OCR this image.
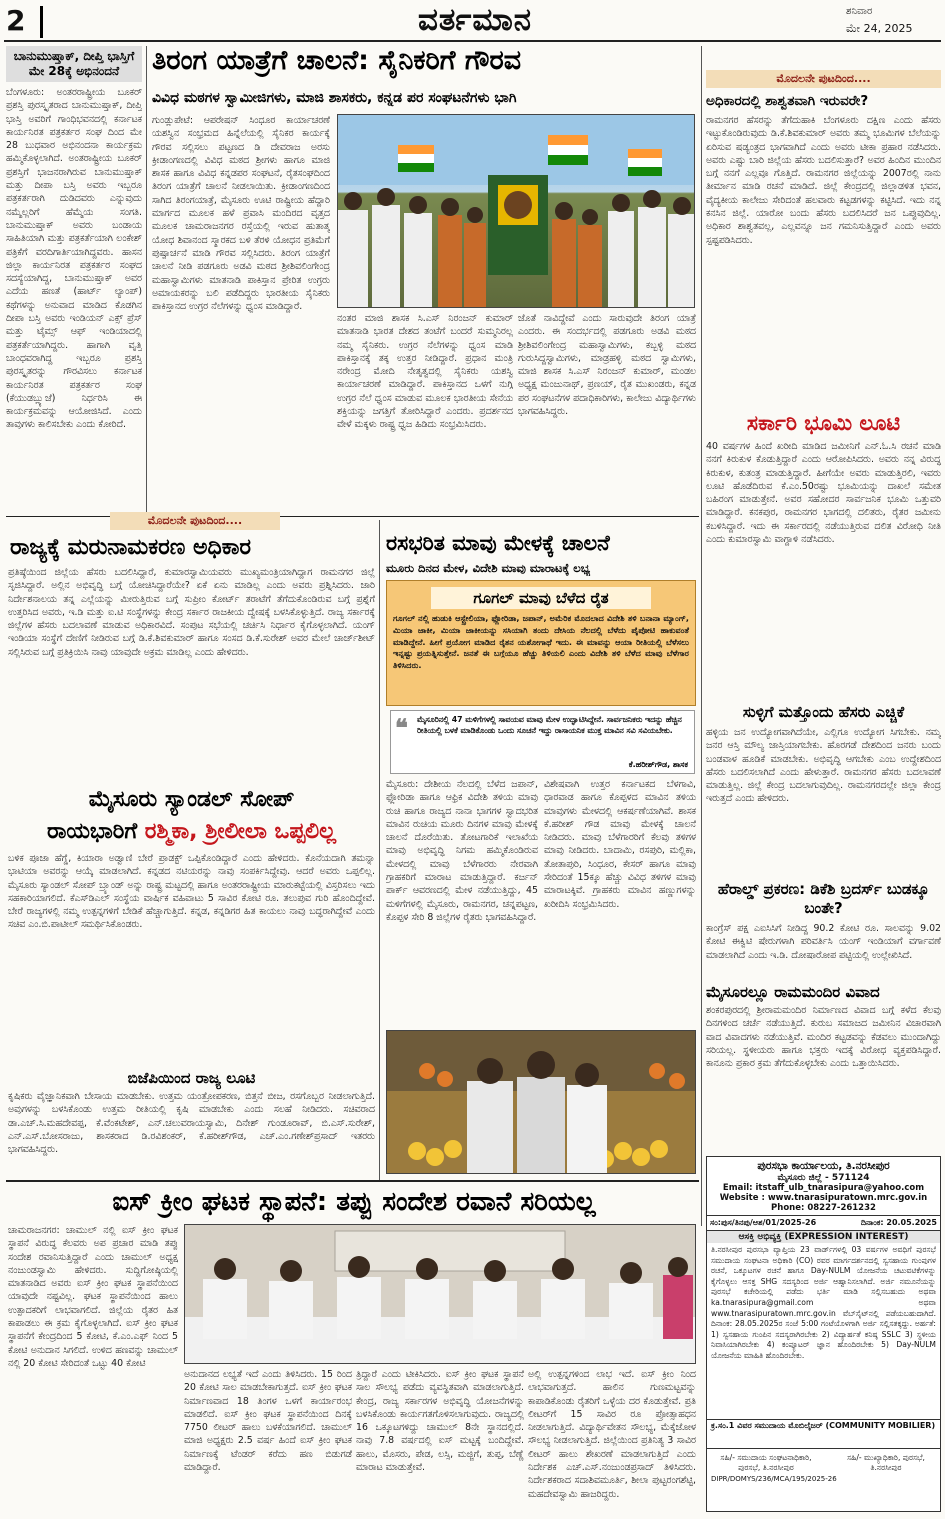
2	ವರ್ತಮಾನ	ಶನಿವಾರ
ಮೇ 24, 2025
ಬಾನುಮುಷ್ತಾಕ್, ದೀಪ್ತಿ ಭಾಸ್ತಿಗೆ ಮೇ 28ಕ್ಕೆ ಅಭಿನಂದನೆ

ಬೆಂಗಳೂರು: ಅಂತರರಾಷ್ಟ್ರೀಯ ಬೂಕರ್ ಪ್ರಶಸ್ತಿ ಪುರಸ್ಕೃತರಾದ ಬಾನುಮುಷ್ತಾಕ್, ದೀಪ್ತಿ ಭಾಸ್ತಿ ಅವರಿಗೆ ಗಾಂಧಿಭವನದಲ್ಲಿ ಕರ್ನಾಟಕ ಕಾರ್ಯನಿರತ ಪತ್ರಕರ್ತರ ಸಂಘ ದಿಂದ ಮೇ 28 ಬುಧವಾರ ಅಭಿನಂದನಾ ಕಾರ್ಯಕ್ರಮ ಹಮ್ಮಿಕೊಳ್ಳಲಾಗಿದೆ. ಅಂತರಾಷ್ಟ್ರೀಯ ಬೂಕರ್ ಪ್ರಶಸ್ತಿಗೆ ಭಾಜನರಾಗಿರುವ ಬಾನುಮುಷ್ತಾಕ್ ಮತ್ತು ದೀಪಾ ಬಸ್ತಿ ಅವರು ಇಬ್ಬರೂ ಪತ್ರಕರ್ತರಾಗಿ ದುಡಿದವರು ಎನ್ನುವುದು ನಮ್ಮೆಲ್ಲರಿಗೆ ಹೆಮ್ಮೆಯ ಸಂಗತಿ. ಬಾನುಮುಷ್ತಾಕ್ ಅವರು ಬಂಡಾಯ ಸಾಹಿತಿಯಾಗಿ ಮತ್ತು ಪತ್ರಕರ್ತೆಯಾಗಿ ಲಂಕೇಶ್ ಪತ್ರಿಕೆಗೆ ವರದಿಗಾರ್ತಿಯಾಗಿದ್ದವರು. ಹಾಸನ ಜಿಲ್ಲಾ ಕಾರ್ಯನಿರತ ಪತ್ರಕರ್ತರ ಸಂಘದ ಸದಸ್ಯೆಯಾಗಿದ್ದ, ಬಾನುಮುಷ್ತಾಕ್ ಅವರ ಎದೆಯ ಹಣತೆ (ಹಾರ್ಟ್ ಲ್ಯಾಂಪ್) ಕಥೆಗಳನ್ನು ಅನುವಾದ ಮಾಡಿದ ಕೊಡಗಿನ ದೀಪಾ ಬಸ್ತಿ ಅವರು ಇಂಡಿಯನ್ ಎಕ್ಸ್ ಪ್ರೆಸ್ ಮತ್ತು ಟೈಮ್ಸ್ ಆಫ್ ಇಂಡಿಯಾದಲ್ಲಿ ಪತ್ರಕರ್ತೆಯಾಗಿದ್ದರು. ಹಾಗಾಗಿ ವೃತ್ತಿ ಬಾಂಧವರಾಗಿದ್ದ ಇಬ್ಬರೂ ಪ್ರಶಸ್ತಿ ಪುರಸ್ಕೃತರನ್ನು ಗೌರವಿಸಲು ಕರ್ನಾಟಕ ಕಾರ್ಯನಿರತ ಪತ್ರಕರ್ತರ ಸಂಘ (ಕೆಯುಡಬ್ಲ್ಯುಜೆ) ನಿರ್ಧರಿಸಿ ಈ ಕಾರ್ಯಕ್ರಮವನ್ನು ಆಯೋಜಿಸಿದೆ. ಎಂದು ತಾವುಗಳು ಕಾಲಿಸಬೇಕು ಎಂದು ಕೋರಿದೆ.

ತಿರಂಗ ಯಾತ್ರೆಗೆ ಚಾಲನೆ: ಸೈನಿಕರಿಗೆ ಗೌರವ
ವಿವಿಧ ಮಠಗಳ ಸ್ವಾಮೀಜಿಗಳು, ಮಾಜಿ ಶಾಸಕರು, ಕನ್ನಡ ಪರ ಸಂಘಟನೆಗಳು ಭಾಗಿ

ಗುಂಡ್ಲುಪೇಟೆ: ಆಪರೇಷನ್ ಸಿಂಧೂರ ಕಾರ್ಯಾಚರಣೆ ಯಶಸ್ವಿನ ಸಂಭ್ರಮದ ಹಿನ್ನೆಲೆಯಲ್ಲಿ ಸೈನಿಕರ ಕಾರ್ಯಕ್ಕೆ ಗೌರವ ಸಲ್ಲಿಸಲು ಪಟ್ಟಣದ ಡಿ ದೇವರಾಜ ಅರಸು ಕ್ರೀಡಾಂಗಣದಲ್ಲಿ ವಿವಿಧ ಮಠದ ಶ್ರೀಗಳು ಹಾಗೂ ಮಾಜಿ ಶಾಸಕ ಹಾಗೂ ವಿವಿಧ ಕನ್ನಡಪರ ಸಂಘಟನೆ, ರೈತಸಂಘದಿಂದ ತಿರಂಗ ಯಾತ್ರೆಗೆ ಚಾಲನೆ ನೀಡಲಾಯಿತು. ಕ್ರೀಡಾಂಗಣದಿಂದ ಸಾಗಿದ ತಿರಂಗಯಾತ್ರೆ, ಮೈಸೂರು ಊಟಿ ರಾಷ್ಟ್ರೀಯ ಹೆದ್ದಾರಿ ಮಾರ್ಗದ ಮೂಲಕ ಹಳೆ ಪ್ರವಾಸಿ ಮಂದಿರದ ವೃತ್ತದ ಮೂಲಕ ಚಾಮರಾಜನಗರ ರಸ್ತೆಯಲ್ಲಿ ಇರುವ ಹುತಾತ್ಮ ಯೋಧ ಶಿವಾನಂದ ಸ್ಮಾರಕದ ಬಳಿ ತೆರಳಿ ಯೋಧನ ಪ್ರತಿಮೆಗೆ ಪುಷ್ಪಾರ್ಚನೆ ಮಾಡಿ ಗೌರವ ಸಲ್ಲಿಸಿದರು. ತಿರಂಗ ಯಾತ್ರೆಗೆ ಚಾಲನೆ ನೀಡಿ ಪಡಗೂರು ಅಡವಿ ಮಠದ ಶ್ರೀಶಿವಲಿಂಗೇಂದ್ರ ಮಹಾಸ್ವಾಮಿಗಳು ಮಾತನಾಡಿ ಪಾಕಿಸ್ತಾನ ಪ್ರೇರಿತ ಉಗ್ರರು ಅಮಾಯಕರನ್ನು ಬಲಿ ಪಡೆದಿದ್ದರು ಭಾರತೀಯ ಸೈನಿಕರು ಪಾಕಿಸ್ತಾನದ ಉಗ್ರರ ನೆಲೆಗಳನ್ನು ಧ್ವಂಸ ಮಾಡಿದ್ದಾರೆ.

ನಂತರ ಮಾಜಿ ಶಾಸಕ ಸಿ.ಎಸ್ ನಿರಂಜನ್ ಕುಮಾರ್ ಮಾತನಾಡಿ ಭಾರತ ದೇಶದ ತಂಟೆಗೆ ಬಂದರೆ ಸುಮ್ಮನಿರಲ್ಲ ನಮ್ಮ ಸೈನಿಕರು. ಉಗ್ರರ ನೆಲೆಗಳನ್ನು ಧ್ವಂಸ ಮಾಡಿ ಪಾಕಿಸ್ತಾನಕ್ಕೆ ತಕ್ಕ ಉತ್ತರ ನೀಡಿದ್ದಾರೆ. ಪ್ರಧಾನ ಮಂತ್ರಿ ನರೇಂದ್ರ ಮೋದಿ ನೇತೃತ್ವದಲ್ಲಿ ಸೈನಿಕರು ಯಶಸ್ವಿ ಕಾರ್ಯಾಚರಣೆ ಮಾಡಿದ್ದಾರೆ. ಪಾಕಿಸ್ತಾನದ ಒಳಗೆ ನುಗ್ಗಿ ಉಗ್ರರ ನೆಲೆ ಧ್ವಂಸ ಮಾಡುವ ಮೂಲಕ ಭಾರತೀಯ ಸೇನೆಯ ಶಕ್ತಿಯನ್ನು ಜಗತ್ತಿಗೆ ತೋರಿಸಿದ್ದಾರೆ ಎಂದರು. ಪ್ರದರ್ಶನದ ವೇಳೆ ಮಕ್ಕಳು ರಾಷ್ಟ್ರ ಧ್ವಜ ಹಿಡಿದು ಸಂಭ್ರಮಿಸಿದರು.

ಜೊತೆ ನಾವಿದ್ದೇವೆ ಎಂದು ಸಾರುವುದೇ ತಿರಂಗ ಯಾತ್ರೆ ಎಂದರು. ಈ ಸಂದರ್ಭದಲ್ಲಿ ಪಡಗೂರು ಅಡವಿ ಮಠದ ಶ್ರೀಶಿವಲಿಂಗೇಂದ್ರ ಮಹಾಸ್ವಾಮಿಗಳು, ಕಬ್ಬಳ್ಳಿ ಮಠದ ಗುರುಸಿದ್ದಸ್ವಾಮಿಗಳು, ಮಾಡ್ರಹಳ್ಳಿ ಮಠದ ಸ್ವಾಮಿಗಳು, ಮಾಜಿ ಶಾಸಕ ಸಿ.ಎಸ್ ನಿರಂಜನ್ ಕುಮಾರ್, ಮಂಡಲ ಅಧ್ಯಕ್ಷ ಮಂಜುನಾಥ್, ಪ್ರಣಯ್, ರೈತ ಮುಖಂಡರು, ಕನ್ನಡ ಪರ ಸಂಘಟನೆಗಳ ಪದಾಧಿಕಾರಿಗಳು, ಕಾಲೇಜು ವಿದ್ಯಾರ್ಥಿಗಳು ಭಾಗವಹಿಸಿದ್ದರು.

ಮೊದಲನೇ ಪುಟದಿಂದ....
ಅಧಿಕಾರದಲ್ಲಿ ಶಾಶ್ವತವಾಗಿ ಇರುವರೇ?

ರಾಮನಗರ ಹೆಸರನ್ನು ತೆಗೆದುಹಾಕಿ ಬೆಂಗಳೂರು ದಕ್ಷಿಣ ಎಂದು ಹೆಸರು ಇಟ್ಟುಕೊಂಡಿರುವುದು ಡಿ.ಕೆ.ಶಿವಕುಮಾರ್ ಅವರು ತಮ್ಮ ಭೂಮಿಗಳ ಬೆಲೆಯನ್ನು ಏರಿಸುವ ಷಡ್ಯಂತ್ರದ ಭಾಗವಾಗಿದೆ ಎಂದು ಅವರು ಟೀಕಾ ಪ್ರಹಾರ ನಡೆಸಿದರು. ಅವರು ಎಷ್ಟು ಬಾರಿ ಜಿಲ್ಲೆಯ ಹೆಸರು ಬದಲಿಸುತ್ತಾರೆ? ಅವರ ಹಿಂದಿನ ಮುಂದಿನ ಬಗ್ಗೆ ನನಗೆ ಎಲ್ಲವೂ ಗೊತ್ತಿದೆ. ರಾಮನಗರ ಜಿಲ್ಲೆಯನ್ನು 2007ರಲ್ಲಿ ನಾನು ತೀರ್ಮಾನ ಮಾಡಿ ರಚನೆ ಮಾಡಿದೆ. ಜಿಲ್ಲೆ ಕೇಂದ್ರದಲ್ಲಿ ಜಿಲ್ಲಾಡಳಿತ ಭವನ, ವೈದ್ಯಕೀಯ ಕಾಲೇಜು ಸೇರಿದಂತೆ ಹಲವಾರು ಕಟ್ಟಡಗಳನ್ನು ಕಟ್ಟಿಸಿದೆ. ಇದು ನನ್ನ ಕನಸಿನ ಜಿಲ್ಲೆ. ಯಾರೋ ಬಂದು ಹೆಸರು ಬದಲಿಸಿದರೆ ಜನ ಒಪ್ಪುವುದಿಲ್ಲ. ಅಧಿಕಾರ ಶಾಶ್ವತವಲ್ಲ, ಎಲ್ಲವನ್ನೂ ಜನ ಗಮನಿಸುತ್ತಿದ್ದಾರೆ ಎಂದು ಅವರು ಸ್ಪಷ್ಟಪಡಿಸಿದರು.

ಸರ್ಕಾರಿ ಭೂಮಿ ಲೂಟಿ

40 ವರ್ಷಗಳ ಹಿಂದೆ ಖರೀದಿ ಮಾಡಿದ ಜಮೀನಿಗೆ ಎನ್.ಓ.ಸಿ ರಚನೆ ಮಾಡಿ ನನಗೆ ಕಿರುಕುಳ ಕೊಡುತ್ತಿದ್ದಾರೆ ಎಂದು ಆರೋಪಿಸಿದರು. ಅವರು ನನ್ನ ವಿರುದ್ಧ ಕಿರುಕುಳ, ಕುತಂತ್ರ ಮಾಡುತ್ತಿದ್ದಾರೆ. ಹೀಗೆಯೇ ಅವರು ಮಾಡುತ್ತಿರಲಿ, ಇವರು ಲೂಟಿ ಹೊಡೆದಿರುವ ಕೆ.ಎಂ.50ರಷ್ಟು ಭೂಮಿಯನ್ನು ದಾಖಲೆ ಸಮೇತ ಬಹಿರಂಗ ಮಾಡುತ್ತೇನೆ. ಅವರ ಸಹೋದರ ಸಾರ್ವಜನಿಕ ಭೂಮಿ ಒತ್ತುವರಿ ಮಾಡಿದ್ದಾರೆ. ಕನಕಪುರ, ರಾಮನಗರ ಭಾಗದಲ್ಲಿ ದಲಿತರು, ರೈತರ ಜಮೀನು ಕಬಳಿಸಿದ್ದಾರೆ. ಇದು ಈ ಸರ್ಕಾರದಲ್ಲಿ ನಡೆಯುತ್ತಿರುವ ದಲಿತ ವಿರೋಧಿ ನೀತಿ ಎಂದು ಕುಮಾರಸ್ವಾಮಿ ವಾಗ್ದಾಳಿ ನಡೆಸಿದರು.

ಸುಳ್ಳಿಗೆ ಮತ್ತೊಂದು ಹೆಸರು ಎಚ್ಚಿಕೆ

ಹಳ್ಳಿಯ ಜನ ಉದ್ಯೋಗವಾಗಿದೆಯೇ, ಎಲ್ಲಿಗೂ ಉದ್ಯೋಗ ಸಿಗಬೇಕು. ನಮ್ಮ ಜನರ ಆಸ್ತಿ ಮೌಲ್ಯ ಜಾಸ್ತಿಯಾಗಬೇಕು. ಹೊರಗಡೆ ದೇಶದಿಂದ ಜನರು ಬಂದು ಬಂಡವಾಳ ಹೂಡಿಕೆ ಮಾಡಬೇಕು. ಅಭಿವೃದ್ಧಿ ಆಗಬೇಕು ಎಂಬ ಉದ್ದೇಶದಿಂದ ಹೆಸರು ಬದಲಿಸಲಾಗಿದೆ ಎಂದು ಹೇಳುತ್ತಾರೆ. ರಾಮನಗರ ಹೆಸರು ಬದಲಾವಣೆ ಮಾಡುತ್ತಿಲ್ಲ. ಜಿಲ್ಲೆ ಕೇಂದ್ರ ಬದಲಾಗುವುದಿಲ್ಲ. ರಾಮನಗರದಲ್ಲೇ ಜಿಲ್ಲಾ ಕೇಂದ್ರ ಇರುತ್ತದೆ ಎಂದು ಹೇಳಿದರು.

ಹೆರಾಲ್ಡ್ ಪ್ರಕರಣ: ಡಿಕೆಶಿ ಬ್ರದರ್ಸ್ ಬುಡಕ್ಕೂ ಬಂತೇ?

ಕಾಂಗ್ರೆಸ್ ಪಕ್ಷ ಎಐಸಿಸಿಗೆ ನೀಡಿದ್ದ 90.2 ಕೋಟಿ ರೂ. ಸಾಲವನ್ನು 9.02 ಕೋಟಿ ಈಕ್ವಿಟಿ ಷೇರುಗಳಾಗಿ ಪರಿವರ್ತಿಸಿ ಯಂಗ್ ಇಂಡಿಯಾಗೆ ವರ್ಗಾವಣೆ ಮಾಡಲಾಗಿದೆ ಎಂದು ಇ.ಡಿ. ದೋಷಾರೋಪ ಪಟ್ಟಿಯಲ್ಲಿ ಉಲ್ಲೇಖಿಸಿದೆ.

ಮೈಸೂರಲ್ಲೂ ರಾಮಮಂದಿರ ವಿವಾದ

ಶಂಕರಪುರದಲ್ಲಿ ಶ್ರೀರಾಮಮಂದಿರ ನಿರ್ಮಾಣದ ವಿವಾದ ಬಗ್ಗೆ ಕಳೆದ ಕೆಲವು ದಿನಗಳಿಂದ ಚರ್ಚೆ ನಡೆಯುತ್ತಿದೆ. ಕುರುಬ ಸಮಾಜದ ಜಮೀನಿನ ವಿಚಾರವಾಗಿ ವಾದ ವಿವಾದಗಳು ನಡೆಯುತ್ತಿವೆ. ಮಂದಿರ ಕಟ್ಟಡವನ್ನು ಕೆಡವಲು ಮುಂದಾಗಿದ್ದು ಸರಿಯಲ್ಲ. ಸ್ಥಳೀಯರು ಹಾಗೂ ಭಕ್ತರು ಇದಕ್ಕೆ ವಿರೋಧ ವ್ಯಕ್ತಪಡಿಸಿದ್ದಾರೆ. ಕಾನೂನು ಪ್ರಕಾರ ಕ್ರಮ ತೆಗೆದುಕೊಳ್ಳಬೇಕು ಎಂದು ಒತ್ತಾಯಿಸಿದರು.

ಪುರಸಭಾ ಕಾರ್ಯಾಲಯ, ತಿ.ನರಸೀಪುರ
ಮೈಸೂರು ಜಿಲ್ಲೆ - 571124
Email: itstaff_ulb_tnarasipura@yahoo.com
Website : www.tnarasipuratown.mrc.gov.in
Phone: 08227-261232
ಸಂ:ಪುಸ/ತಿನಪು/ಆಶ/01/2025-26	ದಿನಾಂಕ: 20.05.2025
ಆಸಕ್ತಿ ಅಭಿವ್ಯಕ್ತಿ (EXPRESSION INTEREST)
ತಿ.ನರಸೀಪುರ ಪುರಸಭಾ ವ್ಯಾಪ್ತಿಯ 23 ವಾರ್ಡ್‌ಗಳಲ್ಲಿ 03 ವರ್ಷಗಳ ಅವಧಿಗೆ ಪುರಸಭೆ ಸಮುದಾಯ ಸಂಘಟನಾ ಅಧಿಕಾರಿ (CO) ರವರ ಮಾರ್ಗದರ್ಶನದಲ್ಲಿ ಸ್ವಸಹಾಯ ಗುಂಪುಗಳ ರಚನೆ, ಒಕ್ಕೂಟಗಳ ರಚನೆ ಹಾಗೂ Day-NULM ಯೋಜನೆಯ ಚಟುವಟಿಕೆಗಳನ್ನು ಕೈಗೊಳ್ಳಲು ಆಸಕ್ತ SHG ಸದಸ್ಯರಿಂದ ಅರ್ಜಿ ಆಹ್ವಾನಿಸಲಾಗಿದೆ. ಅರ್ಜಿ ನಮೂನೆಯನ್ನು ಪುರಸಭೆ ಕಚೇರಿಯಲ್ಲಿ ಪಡೆದು ಭರ್ತಿ ಮಾಡಿ ಸಲ್ಲಿಸಬಹುದು ಅಥವಾ ka.tnarasipura@gmail.com ಅಥವಾ www.tnarasipuratown.mrc.gov.in ವೆಬ್‌ಸೈಟ್‌ನಲ್ಲಿ ಪಡೆಯಬಹುದಾಗಿದೆ. ದಿನಾಂಕ: 28.05.2025ರ ಸಂಜೆ 5:00 ಗಂಟೆಯೊಳಗಾಗಿ ಅರ್ಜಿ ಸಲ್ಲಿಸತಕ್ಕದ್ದು. ಅರ್ಹತೆ: 1) ಸ್ವಸಹಾಯ ಗುಂಪಿನ ಸದಸ್ಯರಾಗಿರಬೇಕು 2) ವಿದ್ಯಾರ್ಹತೆ ಕನಿಷ್ಠ SSLC 3) ಸ್ಥಳೀಯ ನಿವಾಸಿಯಾಗಿರಬೇಕು 4) ಕಂಪ್ಯೂಟರ್ ಜ್ಞಾನ ಹೊಂದಿರಬೇಕು 5) Day-NULM ಯೋಜನೆಯ ಮಾಹಿತಿ ಹೊಂದಿರಬೇಕು.
ಕ್ರ.ಸಂ.1 ವಿವರ ಸಮುದಾಯ ಮೊಬಿಲೈಜರ್ (COMMUNITY MOBILIER)
ಸಹಿ/- ಸಮುದಾಯ ಸಂಘಟನಾಧಿಕಾರಿ, ಪುರಸಭೆ, ತಿ.ನರಸೀಪುರ
ಸಹಿ/- ಮುಖ್ಯಾಧಿಕಾರಿ, ಪುರಸಭೆ, ತಿ.ನರಸೀಪುರ
DIPR/DOMYS/236/MCA/195/2025-26
ಮೊದಲನೇ ಪುಟದಿಂದ....
ರಾಜ್ಯಕ್ಕೆ ಮರುನಾಮಕರಣ ಅಧಿಕಾರ

ಪ್ರತಿಷ್ಠೆಯಿಂದ ಜಿಲ್ಲೆಯ ಹೆಸರು ಬದಲಿಸಿದ್ದಾರೆ, ಕುಮಾರಸ್ವಾಮಿಯವರು ಮುಖ್ಯಮಂತ್ರಿಯಾಗಿದ್ದಾಗ ರಾಮನಗರ ಜಿಲ್ಲೆ ಸೃಜಿಸಿದ್ದಾರೆ. ಅಲ್ಲಿನ ಅಭಿವೃದ್ಧಿ ಬಗ್ಗೆ ಯೋಚಿಸಿದ್ದಾರೆಯೇ? ಏಕೆ ಏನು ಮಾಡಿಲ್ಲ ಎಂದು ಅವರು ಪ್ರಶ್ನಿಸಿದರು. ಜಾರಿ ನಿರ್ದೇಶನಾಲಯ ತನ್ನ ಎಲ್ಲೆಯನ್ನು ಮೀರುತ್ತಿರುವ ಬಗ್ಗೆ ಸುಪ್ರೀಂ ಕೋರ್ಟ್ ತರಾಟೆಗೆ ತೆಗೆದುಕೊಂಡಿರುವ ಬಗ್ಗೆ ಪ್ರಶ್ನೆಗೆ ಉತ್ತರಿಸಿದ ಅವರು, ಇ.ಡಿ ಮತ್ತು ಐ.ಟಿ ಸಂಸ್ಥೆಗಳನ್ನು ಕೇಂದ್ರ ಸರ್ಕಾರ ರಾಜಕೀಯ ದ್ವೇಷಕ್ಕೆ ಬಳಸಿಕೊಳ್ಳುತ್ತಿದೆ. ರಾಜ್ಯ ಸರ್ಕಾರಕ್ಕೆ ಜಿಲ್ಲೆಗಳ ಹೆಸರು ಬದಲಾವಣೆ ಮಾಡುವ ಅಧಿಕಾರವಿದೆ. ಸಂಪುಟ ಸಭೆಯಲ್ಲಿ ಚರ್ಚಿಸಿ ನಿರ್ಧಾರ ಕೈಗೊಳ್ಳಲಾಗಿದೆ. ಯಂಗ್ ಇಂಡಿಯಾ ಸಂಸ್ಥೆಗೆ ದೇಣಿಗೆ ನೀಡಿರುವ ಬಗ್ಗೆ ಡಿ.ಕೆ.ಶಿವಕುಮಾರ್ ಹಾಗೂ ಸಂಸದ ಡಿ.ಕೆ.ಸುರೇಶ್ ಅವರ ಮೇಲೆ ಚಾರ್ಜ್‌ಶೀಟ್ ಸಲ್ಲಿಸಿರುವ ಬಗ್ಗೆ ಪ್ರತಿಕ್ರಿಯಿಸಿ ನಾವು ಯಾವುದೇ ಅಕ್ರಮ ಮಾಡಿಲ್ಲ ಎಂದು ಹೇಳಿದರು.

ಮೈಸೂರು ಸ್ಯಾಂಡಲ್ ಸೋಪ್
ರಾಯಭಾರಿಗೆ ರಶ್ಮಿಕಾ, ಶ್ರೀಲೀಲಾ ಒಪ್ಪಲಿಲ್ಲ

ಬಳಿಕ ಪೂಜಾ ಹೆಗ್ಡೆ, ಕಿಯಾರಾ ಅಡ್ವಾಣಿ ಬೇರೆ ಪ್ರಾಡಕ್ಟ್ ಒಪ್ಪಿಕೊಂಡಿದ್ದಾರೆ ಎಂದು ಹೇಳಿದರು. ಕೊನೆಯದಾಗಿ ತಮನ್ನಾ ಭಾಟಿಯಾ ಅವರನ್ನು ಆಯ್ಕೆ ಮಾಡಲಾಗಿದೆ. ಕನ್ನಡದ ನಟಿಯರನ್ನು ನಾವು ಸಂಪರ್ಕಿಸಿದ್ದೇವು. ಆದರೆ ಅವರು ಒಪ್ಪಲಿಲ್ಲ. ಮೈಸೂರು ಸ್ಯಾಂಡಲ್ ಸೋಪ್ ಬ್ರ್ಯಾಂಡ್ ಅನ್ನು ರಾಷ್ಟ್ರ ಮಟ್ಟದಲ್ಲಿ ಹಾಗೂ ಅಂತರರಾಷ್ಟ್ರೀಯ ಮಾರುಕಟ್ಟೆಯಲ್ಲಿ ವಿಸ್ತರಿಸಲು ಇದು ಸಹಕಾರಿಯಾಗಲಿದೆ. ಕೆಎಸ್‌ಡಿಎಲ್ ಸಂಸ್ಥೆಯ ವಾರ್ಷಿಕ ವಹಿವಾಟು 5 ಸಾವಿರ ಕೋಟಿ ರೂ. ತಲುಪುವ ಗುರಿ ಹೊಂದಿದ್ದೇವೆ. ಬೇರೆ ರಾಜ್ಯಗಳಲ್ಲಿ ನಮ್ಮ ಉತ್ಪನ್ನಗಳಿಗೆ ಬೇಡಿಕೆ ಹೆಚ್ಚಾಗುತ್ತಿದೆ. ಕನ್ನಡ, ಕನ್ನಡಿಗರ ಹಿತ ಕಾಯಲು ನಾವು ಬದ್ಧರಾಗಿದ್ದೇವೆ ಎಂದು ಸಚಿವ ಎಂ.ಬಿ.ಪಾಟೀಲ್ ಸಮರ್ಥಿಸಿಕೊಂಡರು.

ಬಿಜೆಪಿಯಿಂದ ರಾಜ್ಯ ಲೂಟಿ

ಕೃಷಿಕರು ವೈಜ್ಞಾನಿಕವಾಗಿ ಬೇಸಾಯ ಮಾಡಬೇಕು. ಉತ್ತಮ ಯಂತ್ರೋಪಕರಣ, ಬಿತ್ತನೆ ಬೀಜ, ರಸಗೊಬ್ಬರ ನೀಡಲಾಗುತ್ತಿದೆ. ಅವುಗಳನ್ನು ಬಳಸಿಕೊಂಡು ಉತ್ತಮ ರೀತಿಯಲ್ಲಿ ಕೃಷಿ ಮಾಡಬೇಕು ಎಂದು ಸಲಹೆ ನೀಡಿದರು. ಸಚಿವರಾದ ಡಾ.ಎಚ್.ಸಿ.ಮಹದೇವಪ್ಪ, ಕೆ.ವೆಂಕಟೇಶ್, ಎನ್.ಚಲುವರಾಯಸ್ವಾಮಿ, ದಿನೇಶ್ ಗುಂಡೂರಾವ್, ಬಿ.ಎಸ್.ಸುರೇಶ್, ಎನ್.ಎಸ್.ಬೋಸರಾಜು, ಶಾಸಕರಾದ ಡಿ.ರವಿಶಂಕರ್, ಕೆ.ಹರೀಶ್‌ಗೌಡ, ಎಚ್.ಎಂ.ಗಣೇಶ್‌ಪ್ರಸಾದ್ ಇತರರು ಭಾಗವಹಿಸಿದ್ದರು.

ರಸಭರಿತ ಮಾವು ಮೇಳಕ್ಕೆ ಚಾಲನೆ
ಮೂರು ದಿನದ ಮೇಳ, ವಿದೇಶಿ ಮಾವು ಮಾರಾಟಕ್ಕೆ ಲಭ್ಯ
ಗೂಗಲ್ ಮಾವು ಬೆಳೆದ ರೈತ
ಗೂಗಲ್ ನಲ್ಲಿ ಹುಡುಕಿ ಆಸ್ಟ್ರೇಲಿಯಾ, ಫ್ಲೋರಿಡಾ, ಜಪಾನ್, ಅಮೆರಿಕ ಮೊದಲಾದ ವಿದೇಶಿ ತಳಿ ಬನಾನಾ ಮ್ಯಾಂಗ್, ಮಿಯಾ ಜಾಕೀ, ಮಿಯಾ ಜಾಕೀಯನ್ನು ಸಸಿಯಾಗಿ ತಂದು ದೇಸಿಯ ನೆಲದಲ್ಲಿ ಬೆಳೆದು ಪೈಪೋಟಿ ಹಾಕುವಂತೆ ಮಾಡಿದ್ದೇನೆ. ಹೀಗೆ ಪ್ರಯೋಗ ಮಾಡಿದ ರೈತನ ಯಶೋಗಾಥೆ ಇದು. ಈ ಮಾವನ್ನು ಆಯಾ ರೀತಿಯಲ್ಲಿ ಬೆಳೆಸಲು ಇನ್ನಷ್ಟು ಪ್ರಯತ್ನಿಸುತ್ತೇನೆ. ಜನತೆ ಈ ಬಗ್ಗೆಯೂ ಹೆಚ್ಚು ತಿಳಿಯಲಿ ಎಂದು ವಿದೇಶಿ ತಳಿ ಬೆಳೆದ ಮಾವು ಬೆಳೆಗಾರ ತಿಳಿಸಿದರು.
❝ ಮೈಸೂರಿನಲ್ಲಿ 47 ಮಳಿಗೆಗಳಲ್ಲಿ ಸಾವಯವ ಮಾವು ಮೇಳ ಉದ್ಘಾಟಿಸಿದ್ದೇನೆ. ಸಾರ್ವಜನಿಕರು ಇದನ್ನು ಹೆಚ್ಚಿನ ರೀತಿಯಲ್ಲಿ ಬಳಕೆ ಮಾಡಿಕೊಂಡು ಒಂದು ಸೂಚನೆ ಇದ್ದು ರಾಸಾಯನಿಕ ಮುಕ್ತ ಮಾವಿನ ಸವಿ ಸವಿಯಬೇಕು.
ಕೆ.ಹರೀಶ್‌ಗೌಡ, ಶಾಸಕ

ಮೈಸೂರು: ದೇಶೀಯ ನೆಲದಲ್ಲಿ ಬೆಳೆದ ಜಪಾನ್, ಫ್ಲೋರಿಡಾ ಹಾಗೂ ಆಫ್ರಿಕ ವಿದೇಶಿ ತಳಿಯ ಮಾವು ರುಚಿ ಹಾಗೂ ರಾಜ್ಯದ ನಾನಾ ಭಾಗಗಳ ಸ್ವಾದಭರಿತ ಮಾವಿನ ರುಚಿಯ ಮೂರು ದಿನಗಳ ಮಾವು ಮೇಳಕ್ಕೆ ಚಾಲನೆ ದೊರೆಯಿತು. ತೋಟಗಾರಿಕೆ ಇಲಾಖೆಯ ಮಾವು ಅಭಿವೃದ್ಧಿ ನಿಗಮ ಹಮ್ಮಿಕೊಂಡಿರುವ ಮೇಳದಲ್ಲಿ ಮಾವು ಬೆಳೆಗಾರರು ನೇರವಾಗಿ ಗ್ರಾಹಕರಿಗೆ ಮಾರಾಟ ಮಾಡುತ್ತಿದ್ದಾರೆ. ಕರ್ಜನ್ ಪಾರ್ಕ್ ಆವರಣದಲ್ಲಿ ಮೇಳ ನಡೆಯುತ್ತಿದ್ದು, 45 ಮಳಿಗೆಗಳಲ್ಲಿ ಮೈಸೂರು, ರಾಮನಗರ, ಚನ್ನಪಟ್ಟಣ, ಕೊಪ್ಪಳ ಸೇರಿ 8 ಜಿಲ್ಲೆಗಳ ರೈತರು ಭಾಗವಹಿಸಿದ್ದಾರೆ.

ವಿಶೇಷವಾಗಿ ಉತ್ತರ ಕರ್ನಾಟಕದ ಬೆಳಗಾವಿ, ಧಾರವಾಡ ಹಾಗೂ ಕೊಪ್ಪಳದ ಮಾವಿನ ತಳಿಯ ಮಾವುಗಳು ಮೇಳದಲ್ಲಿ ಆಕರ್ಷಣೆಯಾಗಿವೆ. ಶಾಸಕ ಕೆ.ಹರೀಶ್ ಗೌಡ ಮಾವು ಮೇಳಕ್ಕೆ ಚಾಲನೆ ನೀಡಿದರು. ಮಾವು ಬೆಳೆಗಾರರಿಗೆ ಕೆಲವು ತಳಿಗಳ ಮಾವು ನೀಡಿದರು. ಬಾದಾಮಿ, ರಸಪುರಿ, ಮಲ್ಲಿಕಾ, ತೋತಾಪುರಿ, ಸಿಂಧೂರ, ಕೇಸರ್ ಹಾಗೂ ಮಾವು ಸೇರಿದಂತೆ 15ಕ್ಕೂ ಹೆಚ್ಚು ವಿವಿಧ ತಳಿಗಳ ಮಾವು ಮಾರಾಟಕ್ಕಿವೆ. ಗ್ರಾಹಕರು ಮಾವಿನ ಹಣ್ಣುಗಳನ್ನು ಖರೀದಿಸಿ ಸಂಭ್ರಮಿಸಿದರು.

ಐಸ್ ಕ್ರೀಂ ಘಟಕ ಸ್ಥಾಪನೆ: ತಪ್ಪು ಸಂದೇಶ ರವಾನೆ ಸರಿಯಲ್ಲ

ಚಾಮರಾಜನಗರ: ಚಾಮುಲ್ ನಲ್ಲಿ ಐಸ್ ಕ್ರೀಂ ಘಟಕ ಸ್ಥಾಪನೆ ವಿರುದ್ಧ ಕೆಲವರು ಅಪ ಪ್ರಚಾರ ಮಾಡಿ ತಪ್ಪು ಸಂದೇಶ ರವಾನಿಸುತ್ತಿದ್ದಾರೆ ಎಂದು ಚಾಮುಲ್ ಅಧ್ಯಕ್ಷ ನಂಜುಂಡಸ್ವಾಮಿ ಹೇಳಿದರು. ಸುದ್ದಿಗೋಷ್ಠಿಯಲ್ಲಿ ಮಾತನಾಡಿದ ಅವರು ಐಸ್ ಕ್ರೀಂ ಘಟಕ ಸ್ಥಾಪನೆಯಿಂದ ಯಾವುದೇ ನಷ್ಟವಿಲ್ಲ. ಘಟಕ ಸ್ಥಾಪನೆಯಿಂದ ಹಾಲು ಉತ್ಪಾದಕರಿಗೆ ಲಾಭವಾಗಲಿದೆ. ಜಿಲ್ಲೆಯ ರೈತರ ಹಿತ ಕಾಪಾಡಲು ಈ ಕ್ರಮ ಕೈಗೊಳ್ಳಲಾಗಿದೆ. ಐಸ್ ಕ್ರೀಂ ಘಟಕ ಸ್ಥಾಪನೆಗೆ ಕೇಂದ್ರದಿಂದ 5 ಕೋಟಿ, ಕೆ.ಎಂ.ಎಫ್ ನಿಂದ 5 ಕೋಟಿ ಅನುದಾನ ಸಿಗಲಿದೆ. ಉಳಿದ ಹಣವನ್ನು ಚಾಮುಲ್ ನಲ್ಲಿ 20 ಕೋಟಿ ಸೇರಿದಂತೆ ಒಟ್ಟು 40 ಕೋಟಿ

ಅನುದಾನದ ಲಭ್ಯತೆ ಇದೆ ಎಂದು ತಿಳಿಸಿದರು. 15 ರಿಂದ 20 ಕೋಟಿ ಸಾಲ ಮಾಡಬೇಕಾಗುತ್ತದೆ. ಐಸ್ ಕ್ರೀಂ ಘಟಕ ನಿರ್ಮಾಣವಾದ 18 ತಿಂಗಳ ಒಳಗೆ ಕಾರ್ಯಾರಂಭ ಮಾಡಲಿದೆ. ಐಸ್ ಕ್ರೀಂ ಘಟಕ ಸ್ಥಾಪನೆಯಿಂದ ದಿನಕ್ಕೆ 7750 ಲೀಟರ್ ಹಾಲು ಬಳಕೆಯಾಗಲಿದೆ. ಚಾಮುಲ್ ಮಾಜಿ ಅಧ್ಯಕ್ಷರು 2.5 ವರ್ಷ ಹಿಂದೆ ಐಸ್ ಕ್ರೀಂ ಘಟಕ ನಿರ್ಮಾಣಕ್ಕೆ ಟೆಂಡರ್ ಕರೆದು ಹಣ ಬಿಡುಗಡೆ ಮಾಡಿದ್ದಾರೆ.

ತ್ರಿದ್ದಾರೆ ಎಂದು ಟೀಕಿಸಿದರು. ಐಸ್ ಕ್ರೀಂ ಘಟಕ ಸ್ಥಾಪನೆ ಸಾಲ ಸೌಲಭ್ಯ ಪಡೆದು ವ್ಯವಸ್ಥಿತವಾಗಿ ಮಾಡಲಾಗುತ್ತಿದೆ. ಕೇಂದ್ರ, ರಾಜ್ಯ ಸರ್ಕಾರಗಳ ಅಭಿವೃದ್ಧಿ ಯೋಜನೆಗಳನ್ನು ಬಳಸಿಕೊಂಡು ಕಾರ್ಯಗತಗೊಳಿಸಲಾಗುವುದು. ರಾಜ್ಯದಲ್ಲಿ 16 ಒಕ್ಕೂಟಗಳಿದ್ದು ಚಾಮುಲ್ 8ನೇ ಸ್ಥಾನದಲ್ಲಿದೆ. ನಾವು 7.8 ವರ್ಷದಲ್ಲಿ ಐಸ್ ಮಟ್ಟಕ್ಕೆ ಬಂದಿದ್ದೇವೆ. ಹಾಲು, ಮೊಸರು, ಪೇಡ, ಲಸ್ಸಿ, ಮಜ್ಜಿಗೆ, ತುಪ್ಪ, ಬೆಣ್ಣೆ ಮಾರಾಟ ಮಾಡುತ್ತೇವೆ.

ಅಲ್ಲಿ ಉತ್ಪನ್ನಗಳಿಂದ ಲಾಭ ಇದೆ. ಐಸ್ ಕ್ರೀಂ ನಿಂದ ಲಾಭವಾಗುತ್ತದೆ. ಹಾಲಿನ ಗುಣಮಟ್ಟವನ್ನು ಕಾಪಾಡಿಕೊಂಡು ರೈತರಿಗೆ ಒಳ್ಳೆಯ ದರ ಕೊಡುತ್ತೇವೆ. ಪ್ರತಿ ಲೀಟರ್‌ಗೆ 15 ಸಾವಿರ ರೂ ಪ್ರೋತ್ಸಾಹಧನ ನೀಡಲಾಗುತ್ತಿದೆ. ವಿದ್ಯಾರ್ಥಿವೇತನ ಸೌಲಭ್ಯ, ಮೆಕ್ಕೆಜೋಳ ಸೌಲಭ್ಯ ನೀಡಲಾಗುತ್ತಿದೆ. ಜಿಲ್ಲೆಯಿಂದ ಪ್ರತಿನಿತ್ಯ 3 ಸಾವಿರ ಲೀಟರ್ ಹಾಲು ಶೇಖರಣೆ ಮಾಡಲಾಗುತ್ತಿದೆ ಎಂದು ನಿರ್ದೇಶಕ ಎಚ್.ಎಸ್.ನಂಜುಂಡಪ್ರಸಾದ್ ತಿಳಿಸಿದರು. ನಿರ್ದೇಶಕರಾದ ಸದಾಶಿವಮೂರ್ತಿ, ಶೀಲಾ ಪುಟ್ಟರಂಗಶೆಟ್ಟಿ, ಮಹದೇವಸ್ವಾಮಿ ಹಾಜರಿದ್ದರು.
